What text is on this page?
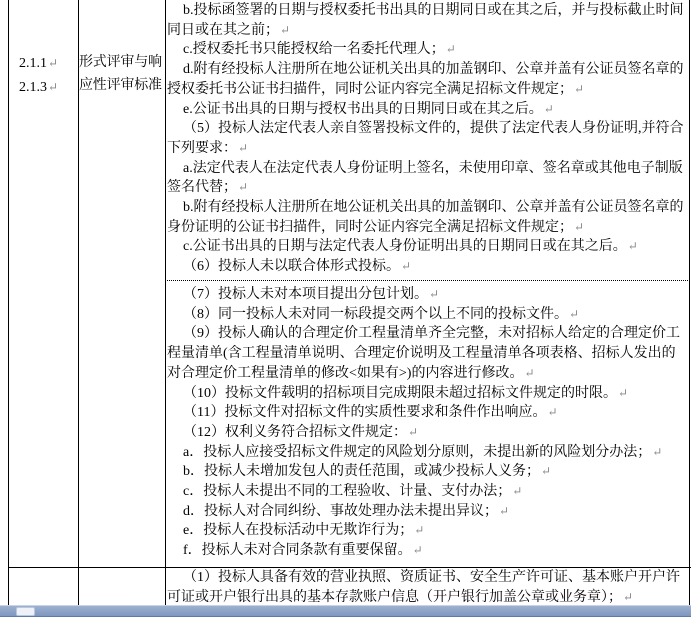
2.1.1↵
2.1.3↵
形式评审与响应性评审标准

b.投标函签署的日期与授权委托书出具的日期同日或在其之后，并与投标截止时间同日或在其之前；↵

c.授权委托书只能授权给一名委托代理人；↵

d.附有经投标人注册所在地公证机关出具的加盖钢印、公章并盖有公证员签名章的授权委托书公证书扫描件，同时公证内容完全满足招标文件规定；↵

e.公证书出具的日期与授权书出具的日期同日或在其之后。↵

（5）投标人法定代表人亲自签署投标文件的，提供了法定代表人身份证明,并符合下列要求：↵

a.法定代表人在法定代表人身份证明上签名，未使用印章、签名章或其他电子制版签名代替；↵

b.附有经投标人注册所在地公证机关出具的加盖钢印、公章并盖有公证员签名章的身份证明的公证书扫描件，同时公证内容完全满足招标文件规定；↵

c.公证书出具的日期与法定代表人身份证明出具的日期同日或在其之后。↵

（6）投标人未以联合体形式投标。↵

（7）投标人未对本项目提出分包计划。↵

（8）同一投标人未对同一标段提交两个以上不同的投标文件。↵

（9）投标人确认的合理定价工程量清单齐全完整，未对招标人给定的合理定价工程量清单(含工程量清单说明、合理定价说明及工程量清单各项表格、招标人发出的对合理定价工程量清单的修改<如果有>)的内容进行修改。↵

（10）投标文件载明的招标项目完成期限未超过招标文件规定的时限。↵

（11）投标文件对招标文件的实质性要求和条件作出响应。↵

（12）权利义务符合招标文件规定：↵

a．投标人应接受招标文件规定的风险划分原则，未提出新的风险划分办法；↵

b．投标人未增加发包人的责任范围，或减少投标人义务；↵

c．投标人未提出不同的工程验收、计量、支付办法；↵

d．投标人对合同纠纷、事故处理办法未提出异议；↵

e．投标人在投标活动中无欺诈行为；↵

f．投标人未对合同条款有重要保留。↵

（1）投标人具备有效的营业执照、资质证书、安全生产许可证、基本账户开户许可证或开户银行出具的基本存款账户信息（开户银行加盖公章或业务章）；↵
